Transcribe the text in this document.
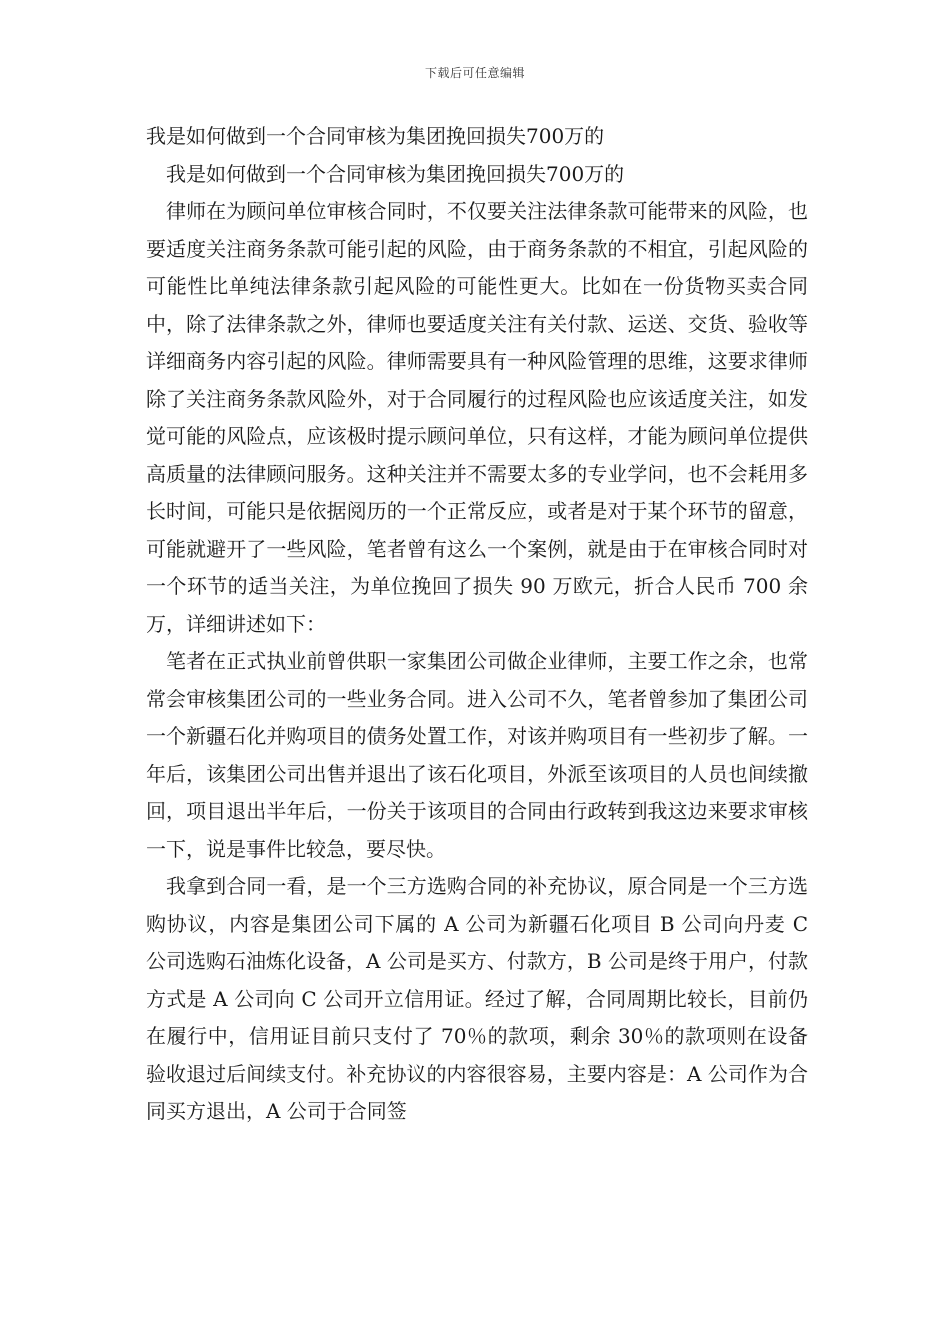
下载后可任意编辑

我是如何做到一个合同审核为集团挽回损失700万的

我是如何做到一个合同审核为集团挽回损失700万的

律师在为顾问单位审核合同时，不仅要关注法律条款可能带来的风险，也要适度关注商务条款可能引起的风险，由于商务条款的不相宜，引起风险的可能性比单纯法律条款引起风险的可能性更大。比如在一份货物买卖合同中，除了法律条款之外，律师也要适度关注有关付款、运送、交货、验收等详细商务内容引起的风险。律师需要具有一种风险管理的思维，这要求律师除了关注商务条款风险外，对于合同履行的过程风险也应该适度关注，如发觉可能的风险点，应该极时提示顾问单位，只有这样，才能为顾问单位提供高质量的法律顾问服务。这种关注并不需要太多的专业学问，也不会耗用多长时间，可能只是依据阅历的一个正常反应，或者是对于某个环节的留意，可能就避开了一些风险，笔者曾有这么一个案例，就是由于在审核合同时对一个环节的适当关注，为单位挽回了损失 90 万欧元，折合人民币 700 余万，详细讲述如下：

笔者在正式执业前曾供职一家集团公司做企业律师，主要工作之余，也常常会审核集团公司的一些业务合同。进入公司不久，笔者曾参加了集团公司一个新疆石化并购项目的债务处置工作，对该并购项目有一些初步了解。一年后，该集团公司出售并退出了该石化项目，外派至该项目的人员也间续撤回，项目退出半年后，一份关于该项目的合同由行政转到我这边来要求审核一下，说是事件比较急，要尽快。

我拿到合同一看，是一个三方选购合同的补充协议，原合同是一个三方选购协议，内容是集团公司下属的 A 公司为新疆石化项目 B 公司向丹麦 C 公司选购石油炼化设备，A 公司是买方、付款方，B 公司是终于用户，付款方式是 A 公司向 C 公司开立信用证。经过了解，合同周期比较长，目前仍在履行中，信用证目前只支付了 70％的款项，剩余 30％的款项则在设备验收退过后间续支付。补充协议的内容很容易，主要内容是：A 公司作为合同买方退出，A 公司于合同签
